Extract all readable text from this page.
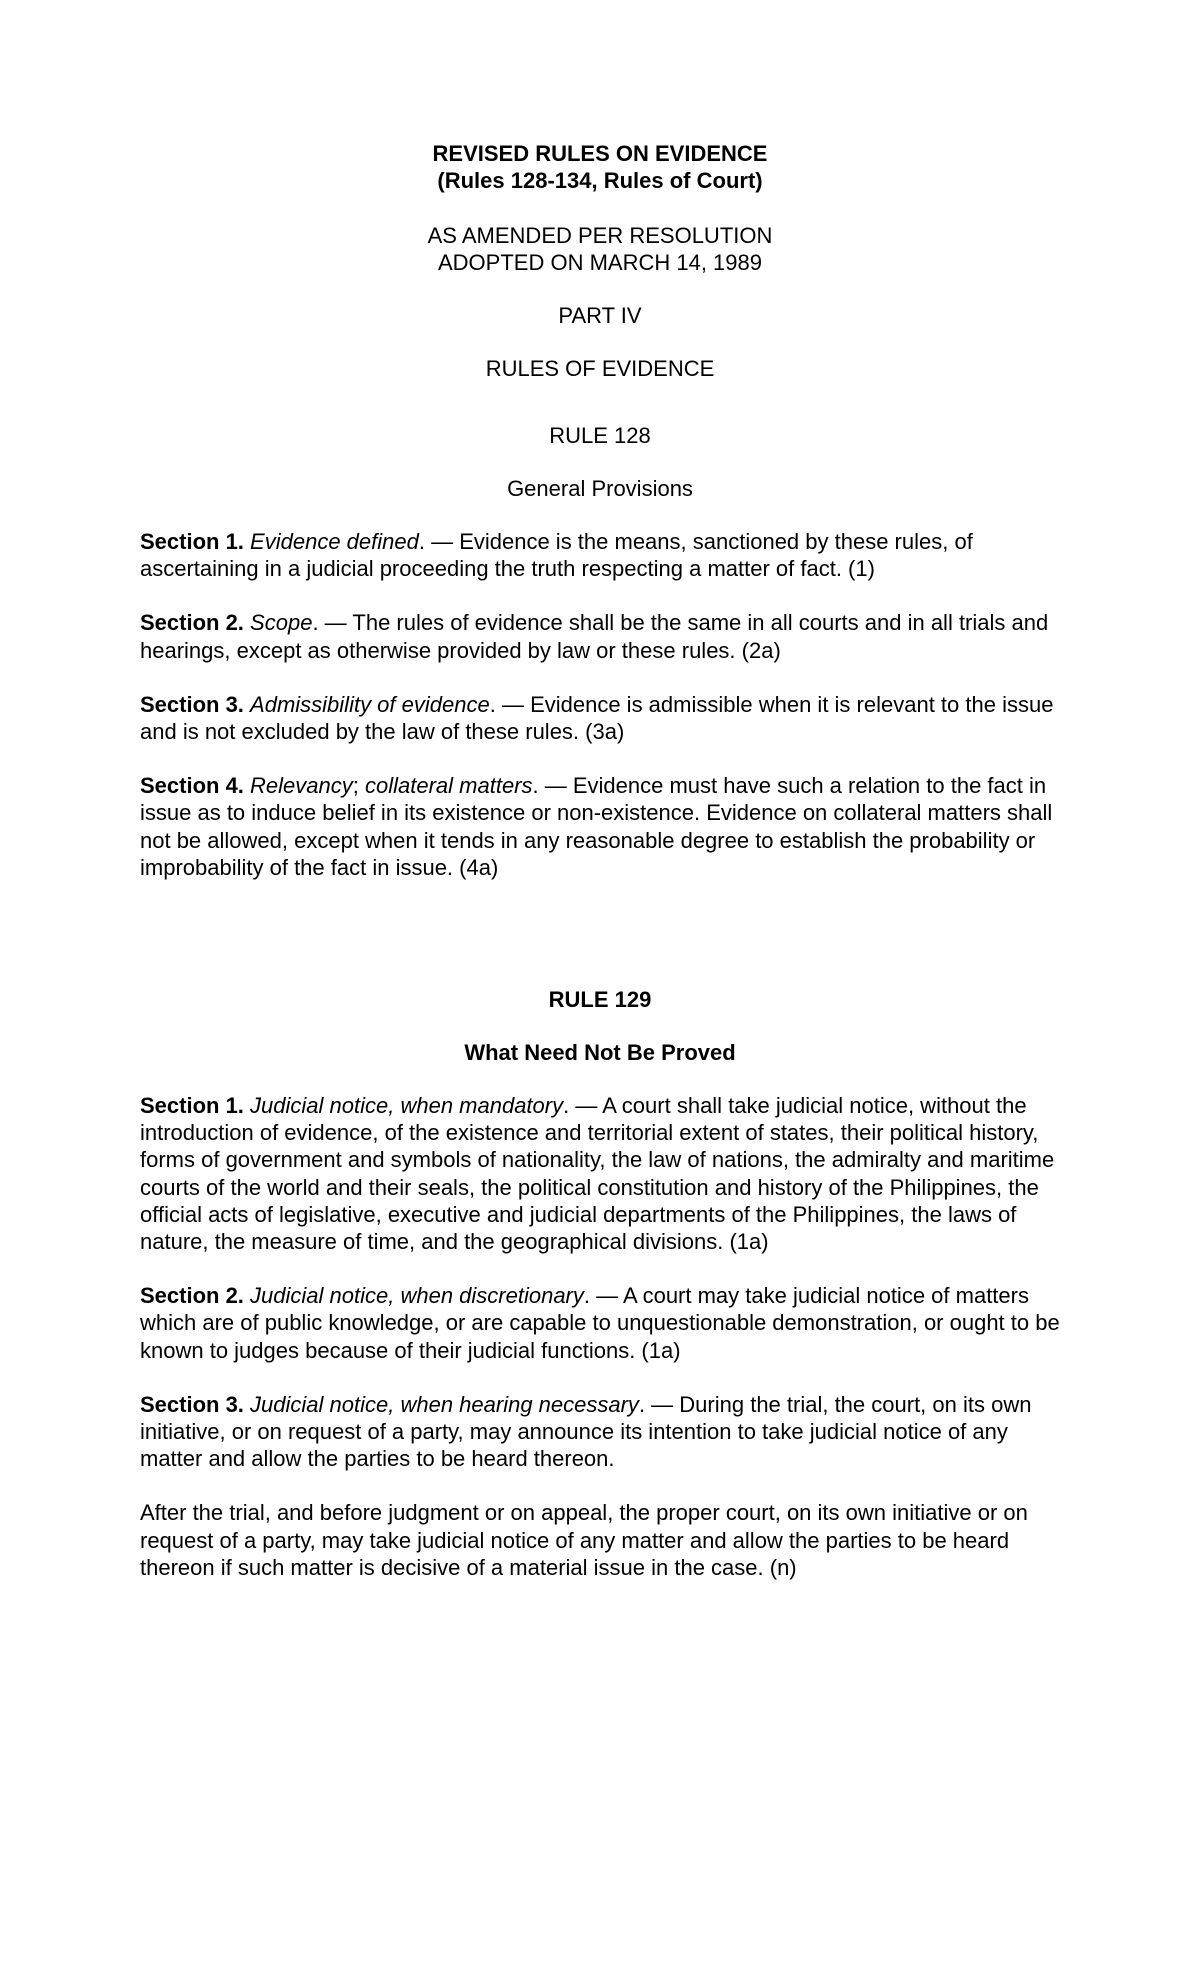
REVISED RULES ON EVIDENCE
(Rules 128-134, Rules of Court)
AS AMENDED PER RESOLUTION
ADOPTED ON MARCH 14, 1989
PART IV
RULES OF EVIDENCE
RULE 128
General Provisions

Section 1. Evidence defined. — Evidence is the means, sanctioned by these rules, of ascertaining in a judicial proceeding the truth respecting a matter of fact. (1)

Section 2. Scope. — The rules of evidence shall be the same in all courts and in all trials and hearings, except as otherwise provided by law or these rules. (2a)

Section 3. Admissibility of evidence. — Evidence is admissible when it is relevant to the issue and is not excluded by the law of these rules. (3a)

Section 4. Relevancy; collateral matters. — Evidence must have such a relation to the fact in issue as to induce belief in its existence or non-existence. Evidence on collateral matters shall not be allowed, except when it tends in any reasonable degree to establish the probability or improbability of the fact in issue. (4a)

RULE 129
What Need Not Be Proved

Section 1. Judicial notice, when mandatory. — A court shall take judicial notice, without the introduction of evidence, of the existence and territorial extent of states, their political history, forms of government and symbols of nationality, the law of nations, the admiralty and maritime courts of the world and their seals, the political constitution and history of the Philippines, the official acts of legislative, executive and judicial departments of the Philippines, the laws of nature, the measure of time, and the geographical divisions. (1a)

Section 2. Judicial notice, when discretionary. — A court may take judicial notice of matters which are of public knowledge, or are capable to unquestionable demonstration, or ought to be known to judges because of their judicial functions. (1a)

Section 3. Judicial notice, when hearing necessary. — During the trial, the court, on its own initiative, or on request of a party, may announce its intention to take judicial notice of any matter and allow the parties to be heard thereon.

After the trial, and before judgment or on appeal, the proper court, on its own initiative or on request of a party, may take judicial notice of any matter and allow the parties to be heard thereon if such matter is decisive of a material issue in the case. (n)
